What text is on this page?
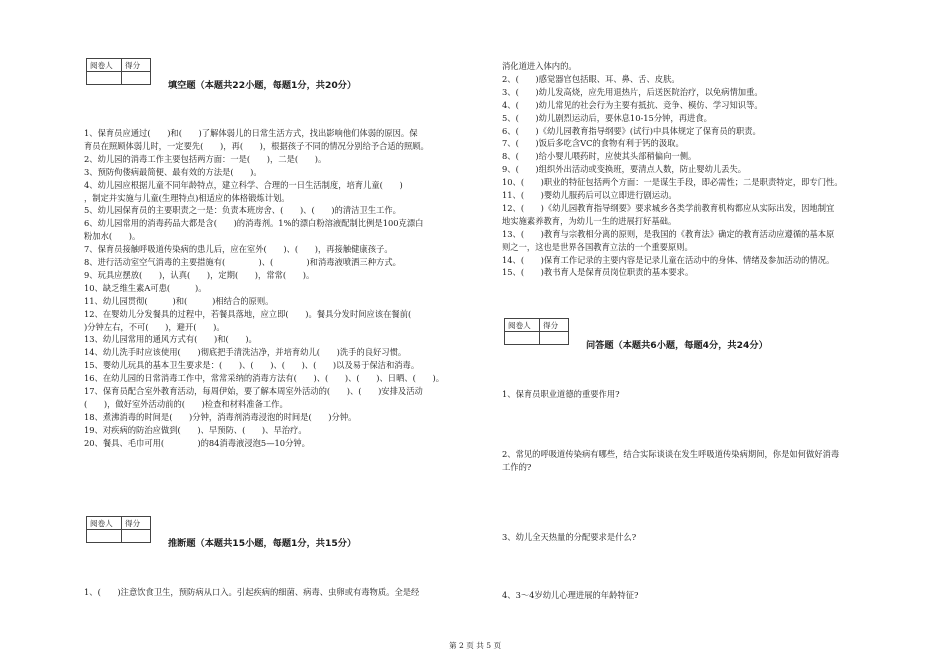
阅卷人	得分

填空题（本题共22小题，每题1分，共20分）
1、保育员应通过(　　)和(　　)了解体弱儿的日常生活方式，找出影响他们体弱的原因。保
育员在照顾体弱儿时，一定要先(　　)，再(　　)，根据孩子不同的情况分别给予合适的照顾。
2、幼儿园的消毒工作主要包括两方面：一是(　　)，二是(　　)。
3、预防佝偻病最简便、最有效的方法是(　　)。
4、幼儿园应根据儿童不同年龄特点，建立科学、合理的一日生活制度，培育儿童(　　)
，制定并实施与儿童(生理特点)相适应的体格锻炼计划。
5、幼儿园保育员的主要职责之一是：负责本班房舍、(　　)、(　　)的清洁卫生工作。
6、幼儿园常用的消毒药品大都是含(　　)的消毒剂。1%的漂白粉溶液配制比例是100克漂白
粉加水(　　)。
7、保育员接触呼吸道传染病的患儿后，应在室外(　　)、(　　)，再接触健康孩子。
8、进行活动室空气消毒的主要措施有(　　　　)、(　　　　)和消毒液喷洒三种方式。
9、玩具应摆放(　　)，认真(　　)，定期(　　)，常常(　　)。
10、缺乏维生素A可患(　　　)。
11、幼儿园贯彻(　　　)和(　　　)相结合的原则。
12、在婴幼儿分发餐具的过程中，若餐具落地，应立即(　　)。餐具分发时间应该在餐前(
)分钟左右，不可(　　)，避开(　　)。
13、幼儿园常用的通风方式有(　　)和(　　)。
14、幼儿洗手时应该使用(　　)彻底把手清洗洁净，并培育幼儿(　　)洗手的良好习惯。
15、婴幼儿玩具的基本卫生要求是：(　　)、(　　)、(　　)、(　　)以及易于保洁和消毒。
16、在幼儿园的日常消毒工作中，常常采纳的消毒方法有(　　)、(　　)、(　　)、日晒、(　　)。
17、保育员配合室外教育活动，每周伊始，要了解本周室外活动的(　　)、(　　)安排及活动
(　　)，做好室外活动前的(　　)检查和材料准备工作。
18、煮沸消毒的时间是(　　)分钟，消毒剂消毒浸泡的时间是(　　)分钟。
19、对疾病的防治应做到(　　)、早预防、(　　)、早治疗。
20、餐具、毛巾可用(　　　　)的84消毒液浸泡5—10分钟。
阅卷人	得分

推断题（本题共15小题，每题1分，共15分）
1、(　　)注意饮食卫生，预防病从口入。引起疾病的细菌、病毒、虫卵或有毒物质。全是经
消化道进入体内的。
2、(　　)感觉器官包括眼、耳、鼻、舌、皮肤。
3、(　　)幼儿发高烧，应先用退热片，后送医院治疗，以免病情加重。
4、(　　)幼儿常见的社会行为主要有抵抗、竞争、模仿、学习知识等。
5、(　　)幼儿剧烈运动后，要休息10-15分钟，再进食。
6、(　　)《幼儿园教育指导纲要》(试行)中具体规定了保育员的职责。
7、(　　)饭后多吃含VC的食物有利于钙的汲取。
8、(　　)给小婴儿喂药时，应使其头部稍偏向一侧。
9、(　　)组织外出活动或变换班，要清点人数，防止婴幼儿丢失。
10、(　　)职业的特征包括两个方面：一是谋生手段，即必需性；二是职责特定，即专门性。
11、(　　)婴幼儿服药后可以立即进行剧运动。
12、(　　)《幼儿园教育指导纲要》要求城乡各类学前教育机构都应从实际出发，因地制宜
地实施素养教育，为幼儿一生的进展打好基础。
13、(　　)教育与宗教相分离的原则，是我国的《教育法》确定的教育活动应遵循的基本原
则之一，这也是世界各国教育立法的一个重要原则。
14、(　　)保育工作记录的主要内容是记录儿童在活动中的身体、情绪及参加活动的情况。
15、(　　)教书育人是保育员岗位职责的基本要求。
阅卷人	得分

问答题（本题共6小题，每题4分，共24分）
1、保育员职业道德的重要作用?
2、常见的呼吸道传染病有哪些，结合实际谈谈在发生呼吸道传染病期间，你是如何做好消毒
工作的?
3、幼儿全天热量的分配要求是什么?
4、3～4岁幼儿心理进展的年龄特征?
第 2 页 共 5 页
